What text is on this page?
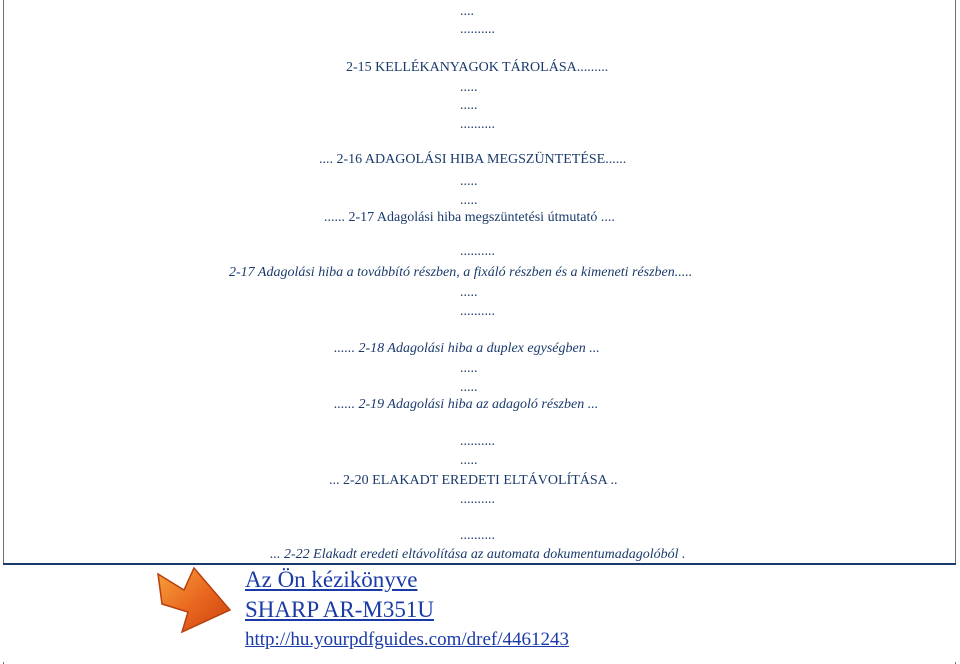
....
..........
2-15 KELLÉKANYAGOK TÁROLÁSA.........
.....
.....
..........
.... 2-16 ADAGOLÁSI HIBA MEGSZÜNTETÉSE......
.....
.....
...... 2-17 Adagolási hiba megszüntetési útmutató ....
..........
2-17 Adagolási hiba a továbbító részben, a fixáló részben és a kimeneti részben.....
.....
..........
...... 2-18 Adagolási hiba a duplex egységben ...
.....
.....
...... 2-19 Adagolási hiba az adagoló részben ...
..........
.....
... 2-20 ELAKADT EREDETI ELTÁVOLÍTÁSA ..
..........
..........
... 2-22 Elakadt eredeti eltávolítása az automata dokumentumadagolóból .
Az Ön kézikönyve
SHARP AR-M351U
http://hu.yourpdfguides.com/dref/4461243
